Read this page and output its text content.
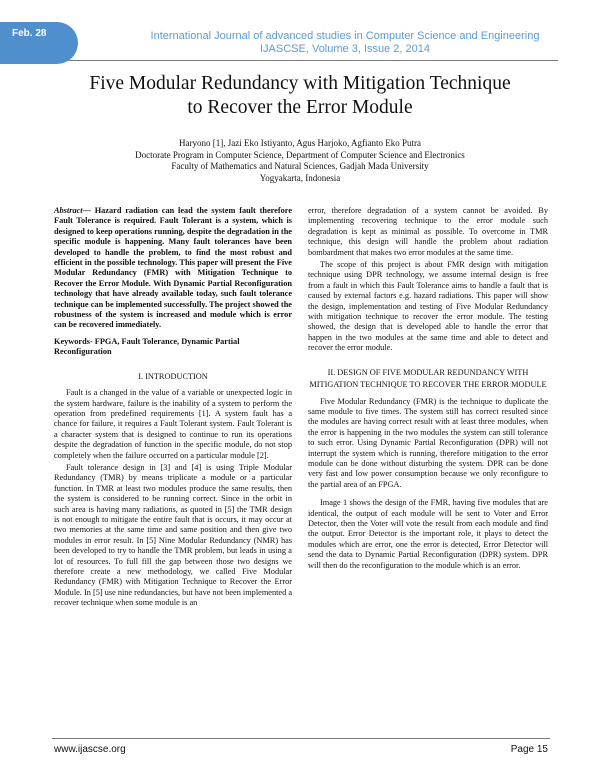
Feb. 28	International Journal of advanced studies in Computer Science and Engineering
IJASCSE, Volume 3, Issue 2, 2014
Five Modular Redundancy with Mitigation Technique
to Recover the Error Module
Haryono [1], Jazi Eko Istiyanto, Agus Harjoko, Agfianto Eko Putra
Doctorate Program in Computer Science, Department of Computer Science and Electronics
Faculty of Mathematics and Natural Sciences, Gadjah Mada University
Yogyakarta, Indonesia

Abstract— Hazard radiation can lead the system fault therefore Fault Tolerance is required. Fault Tolerant is a system, which is designed to keep operations running, despite the degradation in the specific module is happening. Many fault tolerances have been developed to handle the problem, to find the most robust and efficient in the possible technology. This paper will present the Five Modular Redundancy (FMR) with Mitigation Technique to Recover the Error Module. With Dynamic Partial Reconfiguration technology that have already available today, such fault tolerance technique can be implemented successfully. The project showed the robustness of the system is increased and module which is error can be recovered immediately.

Keywords- FPGA, Fault Tolerance, Dynamic Partial Reconfiguration

I. INTRODUCTION

Fault is a changed in the value of a variable or unexpected logic in the system hardware, failure is the inability of a system to perform the operation from predefined requirements [1]. A system fault has a chance for failure, it requires a Fault Tolerant system. Fault Tolerant is a character system that is designed to continue to run its operations despite the degradation of function in the specific module, do not stop completely when the failure occurred on a particular module [2].

Fault tolerance design in [3] and [4] is using Triple Modular Redundancy (TMR) by means triplicate a module or a particular function. In TMR at least two modules produce the same results, then the system is considered to be running correct. Since in the orbit in such area is having many radiations, as quoted in [5] the TMR design is not enough to mitigate the entire fault that is occurs, it may occur at two memories at the same time and same position and then give two modules in error result. In [5] Nine Modular Redundancy (NMR) has been developed to try to handle the TMR problem, but leads in using a lot of resources. To full fill the gap between those two designs we therefore create a new methodology, we called Five Modular Redundancy (FMR) with Mitigation Technique to Recover the Error Module. In [5] use nine redundancies, but have not been implemented a recover technique when some module is an

error, therefore degradation of a system cannot be avoided. By implementing recovering technique to the error module such degradation is kept as minimal as possible. To overcome in TMR technique, this design will handle the problem about radiation bombardment that makes two error modules at the same time.

The scope of this project is about FMR design with mitigation technique using DPR technology, we assume internal design is free from a fault in which this Fault Tolerance aims to handle a fault that is caused by external factors e.g. hazard radiations. This paper will show the design, implementation and testing of Five Modular Redundancy with mitigation technique to recover the error module. The testing showed, the design that is developed able to handle the error that happen in the two modules at the same time and able to detect and recover the error module.

II. DESIGN OF FIVE MODULAR REDUNDANCY WITH

MITIGATION TECHNIQUE TO RECOVER THE ERROR MODULE

Five Modular Redundancy (FMR) is the technique to duplicate the same module to five times. The system still has correct resulted since the modules are having correct result with at least three modules, when the error is happening in the two modules the system can still tolerance to such error. Using Dynamic Partial Reconfiguration (DPR) will not interrupt the system which is running, therefore mitigation to the error module can be done without disturbing the system. DPR can be done very fast and low power consumption because we only reconfigure to the partial area of an FPGA.

Image 1 shows the design of the FMR, having five modules that are identical, the output of each module will be sent to Voter and Error Detector, then the Voter will vote the result from each module and find the output. Error Detector is the important role, it plays to detect the modules which are error, one the error is detected, Error Detector will send the data to Dynamic Partial Reconfiguration (DPR) system. DPR will then do the reconfiguration to the module which is an error.

www.ijascse.org	Page 15
